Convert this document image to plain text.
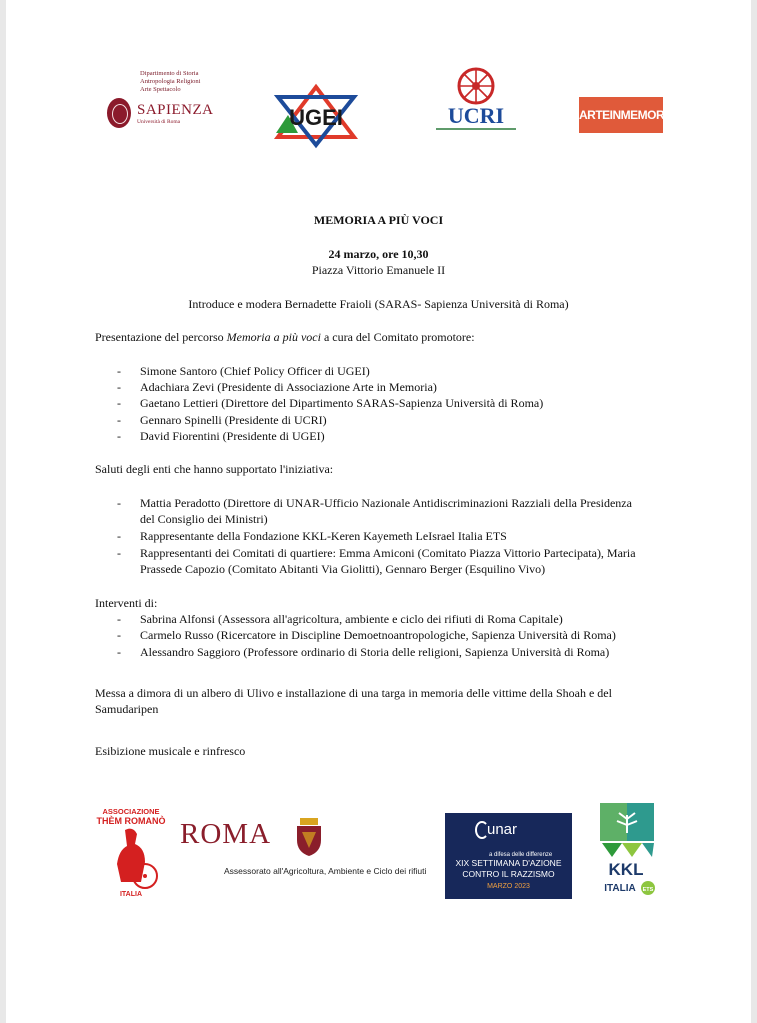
Dipartimento di Storia
Antropologia Religioni
Arte Spettacolo
SAPIENZA
Università di Roma	UGEI	UCRI	ARTEINMEMORIA
MEMORIA A PIÙ VOCI
24 marzo, ore 10,30
Piazza Vittorio Emanuele II
Introduce e modera Bernadette Fraioli (SARAS- Sapienza Università di Roma)
Presentazione del percorso Memoria a più voci a cura del Comitato promotore:
- Simone Santoro (Chief Policy Officer di UGEI)
- Adachiara Zevi (Presidente di Associazione Arte in Memoria)
- Gaetano Lettieri (Direttore del Dipartimento SARAS-Sapienza Università di Roma)
- Gennaro Spinelli (Presidente di UCRI)
- David Fiorentini (Presidente di UGEI)
Saluti degli enti che hanno supportato l'iniziativa:
- Mattia Peradotto (Direttore di UNAR-Ufficio Nazionale Antidiscriminazioni Razziali della Presidenza
del Consiglio dei Ministri)
- Rappresentante della Fondazione KKL-Keren Kayemeth LeIsrael Italia ETS
- Rappresentanti dei Comitati di quartiere: Emma Amiconi (Comitato Piazza Vittorio Partecipata), Maria
Prassede Capozio (Comitato Abitanti Via Giolitti), Gennaro Berger (Esquilino Vivo)
Interventi di:
- Sabrina Alfonsi (Assessora all'agricoltura, ambiente e ciclo dei rifiuti di Roma Capitale)
- Carmelo Russo (Ricercatore in Discipline Demoetnoantropologiche, Sapienza Università di Roma)
- Alessandro Saggioro (Professore ordinario di Storia delle religioni, Sapienza Università di Roma)
Messa a dimora di un albero di Ulivo e installazione di una targa in memoria delle vittime della Shoah e del
Samudaripen
Esibizione musicale e rinfresco
ASSOCIAZIONE
THÈM ROMANÒ
ITALIA
ROMA
Assessorato all'Agricoltura, Ambiente e Ciclo dei rifiuti
unar
a difesa delle differenze
XIX SETTIMANA D'AZIONE
CONTRO IL RAZZISMO
MARZO 2023
KKL
ITALIA ETS
